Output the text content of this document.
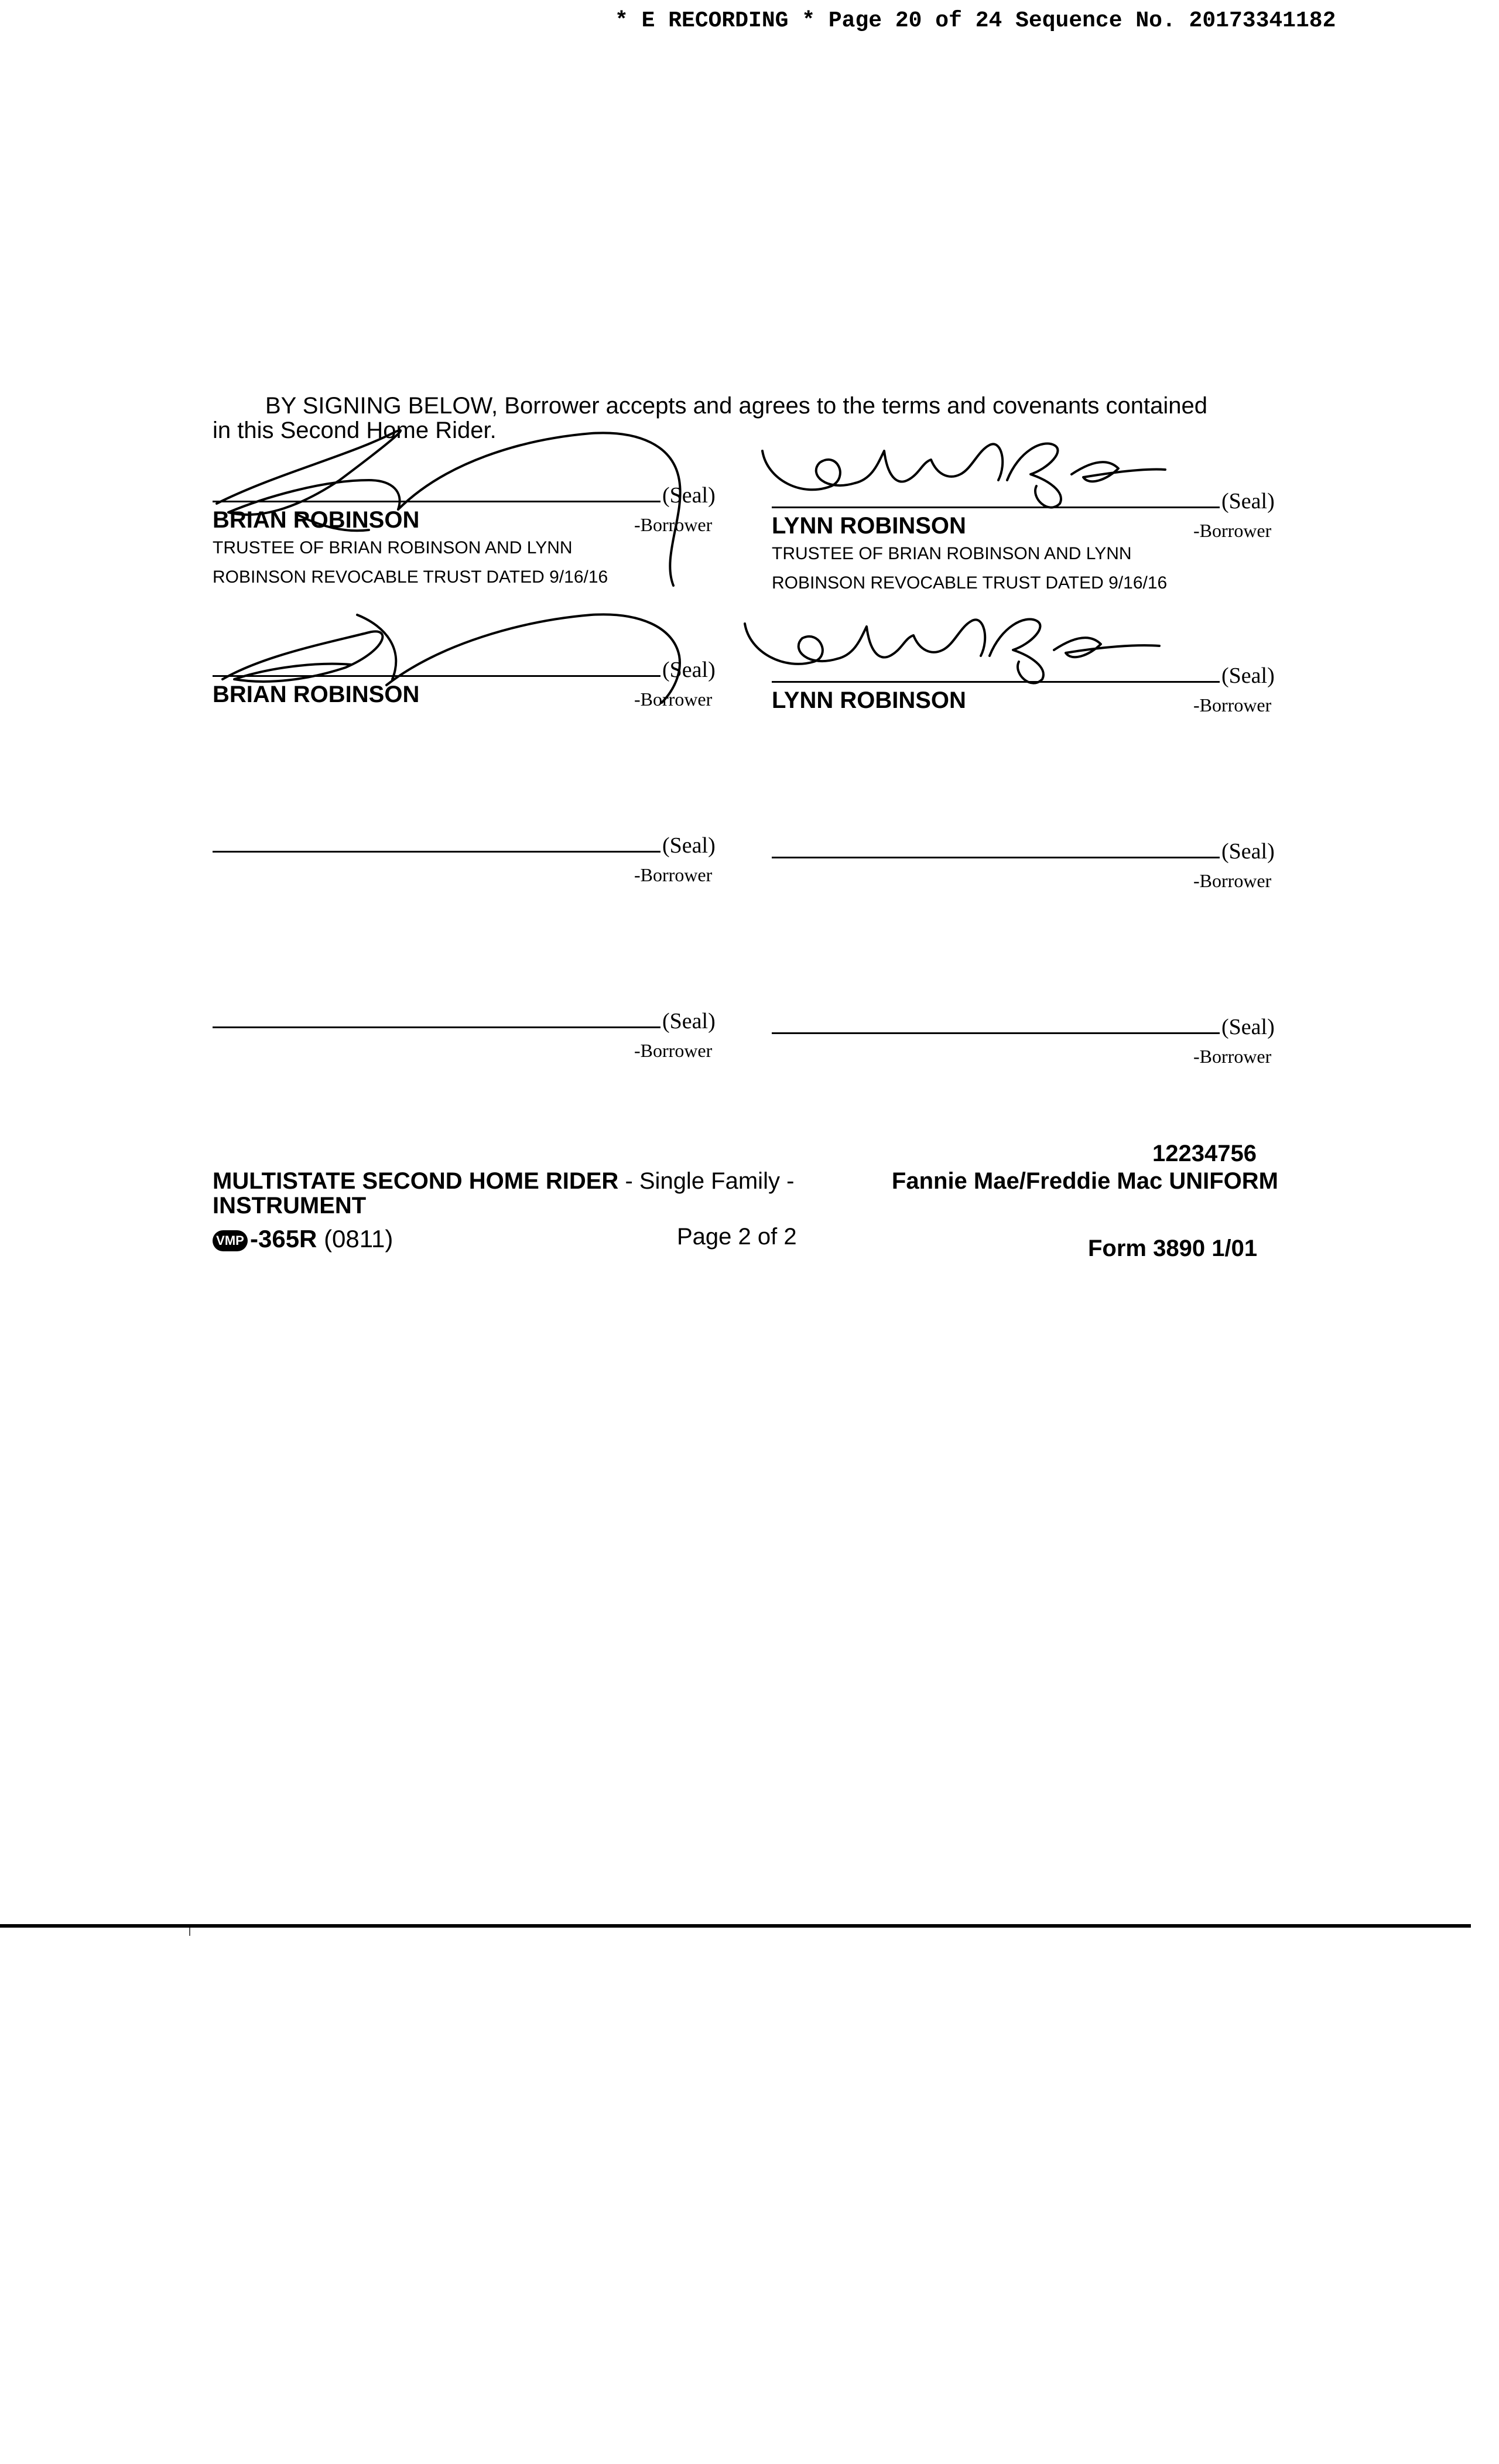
* E RECORDING * Page 20 of 24 Sequence No. 20173341182
BY SIGNING BELOW, Borrower accepts and agrees to the terms and covenants contained
in this Second Home Rider.
(Seal)
-Borrower
BRIAN ROBINSON
TRUSTEE OF BRIAN ROBINSON AND LYNN
ROBINSON REVOCABLE TRUST DATED 9/16/16
(Seal)
-Borrower
LYNN ROBINSON
TRUSTEE OF BRIAN ROBINSON AND LYNN
ROBINSON REVOCABLE TRUST DATED 9/16/16
(Seal)
-Borrower
BRIAN ROBINSON
(Seal)
-Borrower
LYNN ROBINSON
(Seal)
-Borrower
(Seal)
-Borrower
(Seal)
-Borrower
(Seal)
-Borrower
12234756
MULTISTATE SECOND HOME RIDER - Single Family -	Fannie Mae/Freddie Mac UNIFORM
INSTRUMENT
VMP -365R (0811)	Page 2 of 2	Form 3890 1/01
